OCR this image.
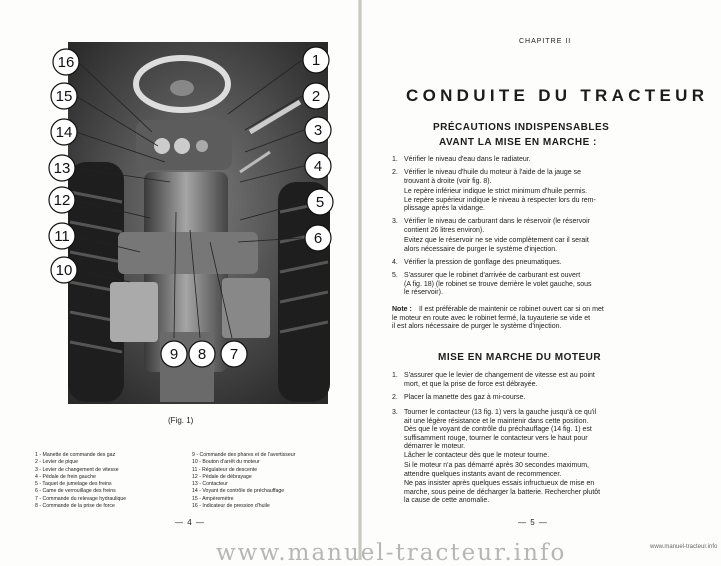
16
15
14
13
12
11
10
1
2
3
4
5
6
9 8 7
(Fig. 1)
1 - Manette de commande des gaz
2 - Levier de pique
3 - Levier de changement de vitesse
4 - Pédale de frein gauche
5 - Taquet de jumelage des freins
6 - Came de verrouillage des freins
7 - Commande du relevage hydraulique
8 - Commande de la prise de force
9 - Commande des phares et de l'avertisseur
10 - Bouton d'arrêt du moteur
11 - Régulateur de descente
12 - Pédale de débrayage
13 - Contacteur
14 - Voyant de contrôle de préchauffage
15 - Ampèremètre
16 - Indicateur de pression d'huile
— 4 —
CHAPITRE II
CONDUITE DU TRACTEUR
PRÉCAUTIONS INDISPENSABLES
AVANT LA MISE EN MARCHE :
1. Vérifier le niveau d'eau dans le radiateur.
2. Vérifier le niveau d'huile du moteur à l'aide de la jauge se
trouvant à droite (voir fig. 8).
Le repère inférieur indique le strict minimum d'huile permis.
Le repère supérieur indique le niveau à respecter lors du rem-
plissage après la vidange.
3. Vérifier le niveau de carburant dans le réservoir (le réservoir
contient 26 litres environ).
Evitez que le réservoir ne se vide complètement car il serait
alors nécessaire de purger le système d'injection.
4. Vérifier la pression de gonflage des pneumatiques.
5. S'assurer que le robinet d'arrivée de carburant est ouvert
(A fig. 18) (le robinet se trouve derrière le volet gauche, sous
le réservoir).
Note : Il est préférable de maintenir ce robinet ouvert car si on met
le moteur en route avec le robinet fermé, la tuyauterie se vide et
il est alors nécessaire de purger le système d'injection.
MISE EN MARCHE DU MOTEUR
1. S'assurer que le levier de changement de vitesse est au point
mort, et que la prise de force est débrayée.
2. Placer la manette des gaz à mi-course.
3. Tourner le contacteur (13 fig. 1) vers la gauche jusqu'à ce qu'il
ait une légère résistance et le maintenir dans cette position.
Dès que le voyant de contrôle du préchauffage (14 fig. 1) est
suffisamment rouge, tourner le contacteur vers le haut pour
démarrer le moteur.
Lâcher le contacteur dès que le moteur tourne.
Si le moteur n'a pas démarré après 30 secondes maximum,
attendre quelques instants avant de recommencer.
Ne pas insister après quelques essais infructueux de mise en
marche, sous peine de décharger la batterie. Rechercher plutôt
la cause de cette anomalie.
— 5 —
www.manuel-tracteur.info	www.manuel-tracteur.info
